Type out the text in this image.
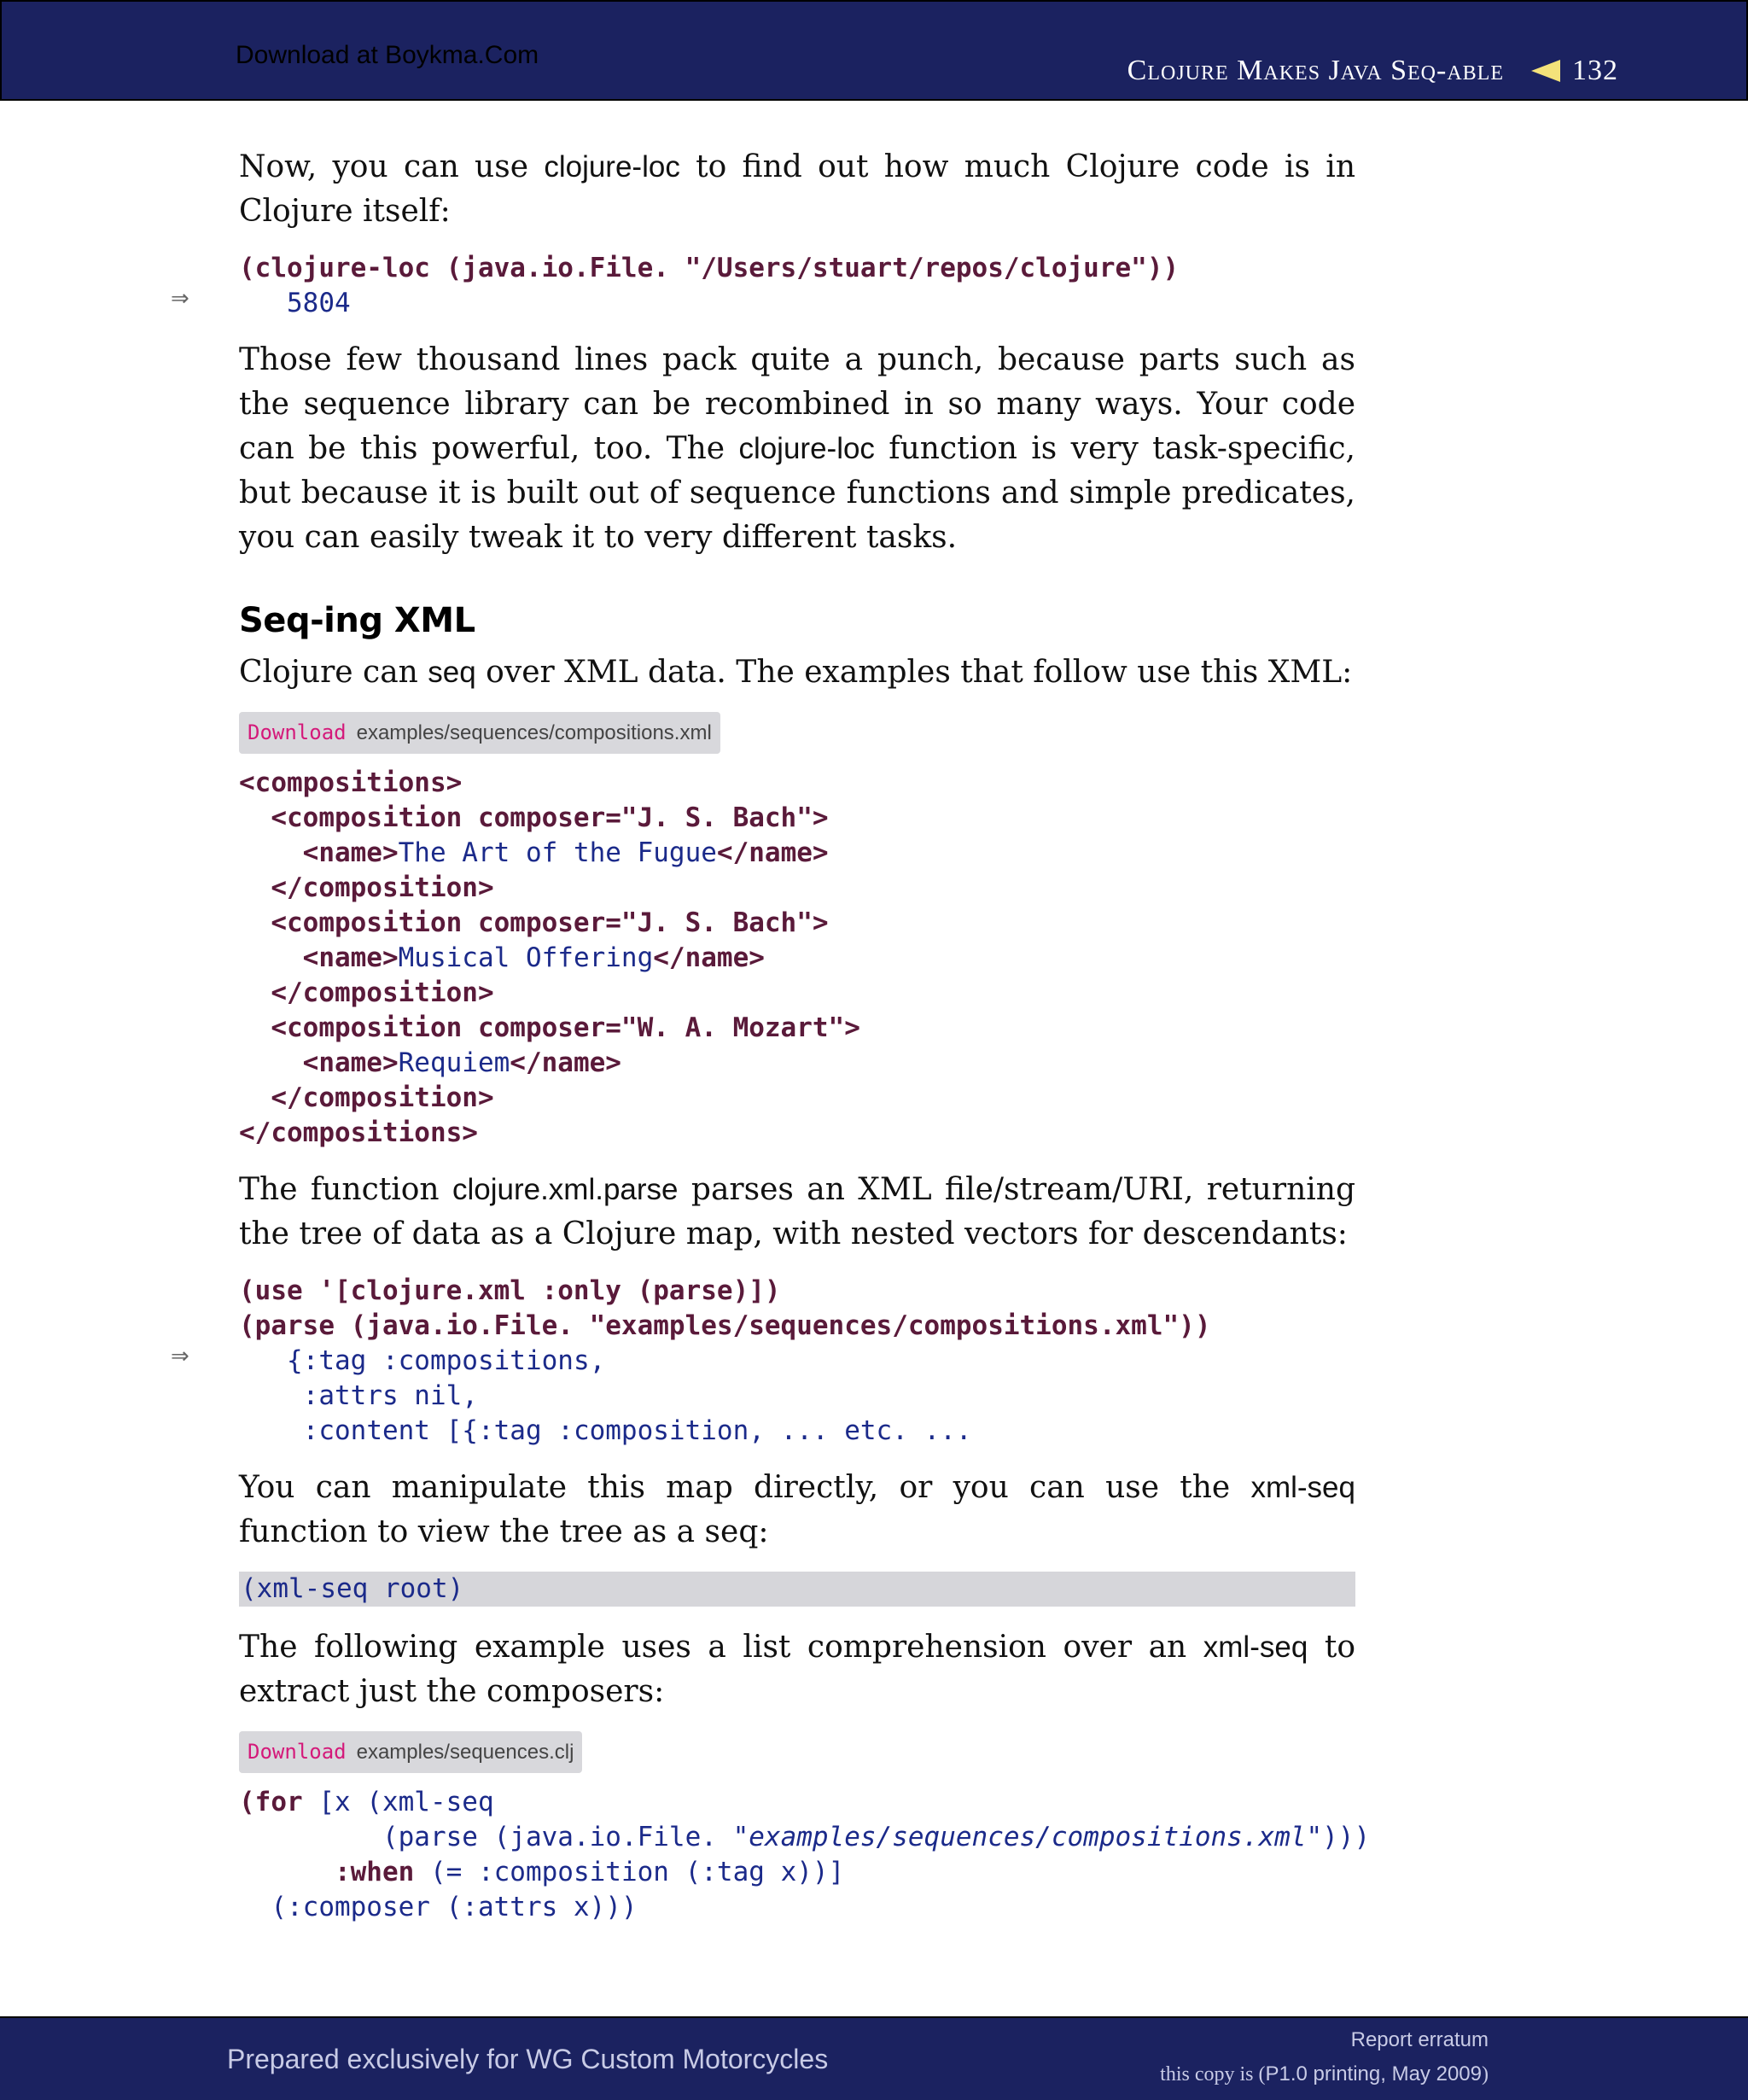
Download at Boykma.Com	Clojure Makes Java Seq-able 132

Now, you can use clojure-loc to find out how much Clojure code is in Clojure itself:

(clojure-loc (java.io.File. "/Users/stuart/repos/clojure"))
⇒	5804

Those few thousand lines pack quite a punch, because parts such as the sequence library can be recombined in so many ways. Your code can be this powerful, too. The clojure-loc function is very task-specific, but because it is built out of sequence functions and simple predicates, you can easily tweak it to very different tasks.

Seq-ing XML

Clojure can seq over XML data. The examples that follow use this XML:

Download examples/sequences/compositions.xml
<compositions>
<composition composer="J. S. Bach">
<name>The Art of the Fugue</name>
</composition>
<composition composer="J. S. Bach">
<name>Musical Offering</name>
</composition>
<composition composer="W. A. Mozart">
<name>Requiem</name>
</composition>
</compositions>

The function clojure.xml.parse parses an XML file/stream/URI, returning the tree of data as a Clojure map, with nested vectors for descendants:

(use '[clojure.xml :only (parse)])
(parse (java.io.File. "examples/sequences/compositions.xml"))
⇒	{:tag :compositions,
:attrs nil,
:content [{:tag :composition, ... etc. ...

You can manipulate this map directly, or you can use the xml-seq function to view the tree as a seq:

(xml-seq root)

The following example uses a list comprehension over an xml-seq to extract just the composers:

Download examples/sequences.clj
(for [x (xml-seq
(parse (java.io.File. "examples/sequences/compositions.xml")))
:when (= :composition (:tag x))]
(:composer (:attrs x)))
Prepared exclusively for WG Custom Motorcycles
Report erratum
this copy is (P1.0 printing, May 2009)
